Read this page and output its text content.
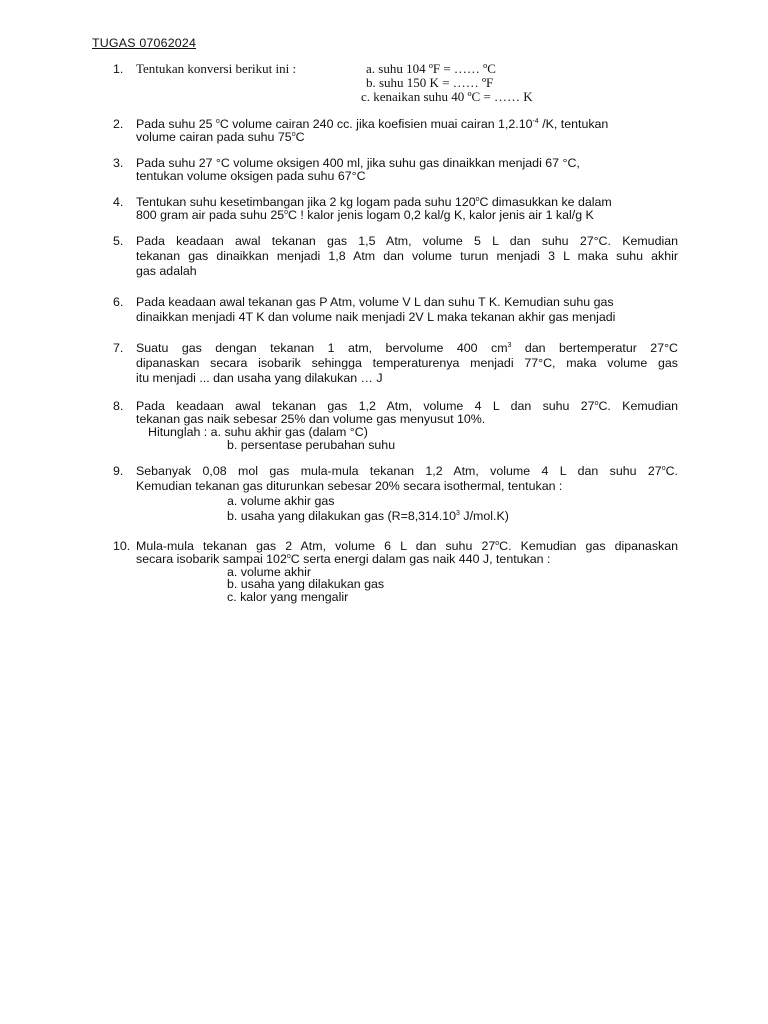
TUGAS 07062024
1. Tentukan konversi berikut ini :	a. suhu 104 ºF = …… ºC
b. suhu 150 K = …… ºF
c. kenaikan suhu 40 ºC = …… K
2.	Pada suhu 25 $^o$C volume cairan 240 cc. jika koefisien muai cairan $1,2.10^{-4}$ /K, tentukan
volume cairan pada suhu 75$^o$C
3.	Pada suhu 27 °C volume oksigen 400 ml, jika suhu gas dinaikkan menjadi 67 °C,
tentukan volume oksigen pada suhu 67°C
4.	Tentukan suhu kesetimbangan jika 2 kg logam pada suhu 120$^o$C dimasukkan ke dalam
800 gram air pada suhu 25$^o$C ! kalor jenis logam 0,2 kal/g K, kalor jenis air 1 kal/g K
5.	Pada keadaan awal tekanan gas 1,5 Atm, volume 5 L dan suhu 27°C. Kemudian
tekanan gas dinaikkan menjadi 1,8 Atm dan volume turun menjadi 3 L maka suhu akhir
gas adalah
6.	Pada keadaan awal tekanan gas P Atm, volume V L dan suhu T K. Kemudian suhu gas
dinaikkan menjadi 4T K dan volume naik menjadi 2V L maka tekanan akhir gas menjadi
7.	Suatu gas dengan tekanan 1 atm, bervolume 400 $cm^3$ dan bertemperatur 27°C
dipanaskan secara isobarik sehingga temperaturenya menjadi 77°C, maka volume gas
itu menjadi ... dan usaha yang dilakukan … J
8.	Pada keadaan awal tekanan gas 1,2 Atm, volume 4 L dan suhu 27$^o$C. Kemudian
tekanan gas naik sebesar 25% dan volume gas menyusut 10%.
Hitunglah : a. suhu akhir gas (dalam °C)
b. persentase perubahan suhu
9.	Sebanyak 0,08 mol gas mula-mula tekanan 1,2 Atm, volume 4 L dan suhu 27$^o$C.
Kemudian tekanan gas diturunkan sebesar 20% secara isothermal, tentukan :
a. volume akhir gas
b. usaha yang dilakukan gas ($R=8,314.10^3$ J/mol.K)
10. Mula-mula tekanan gas 2 Atm, volume 6 L dan suhu 27$^o$C. Kemudian gas dipanaskan
secara isobarik sampai 102$^o$C serta energi dalam gas naik 440 J, tentukan :
a. volume akhir
b. usaha yang dilakukan gas
c. kalor yang mengalir
